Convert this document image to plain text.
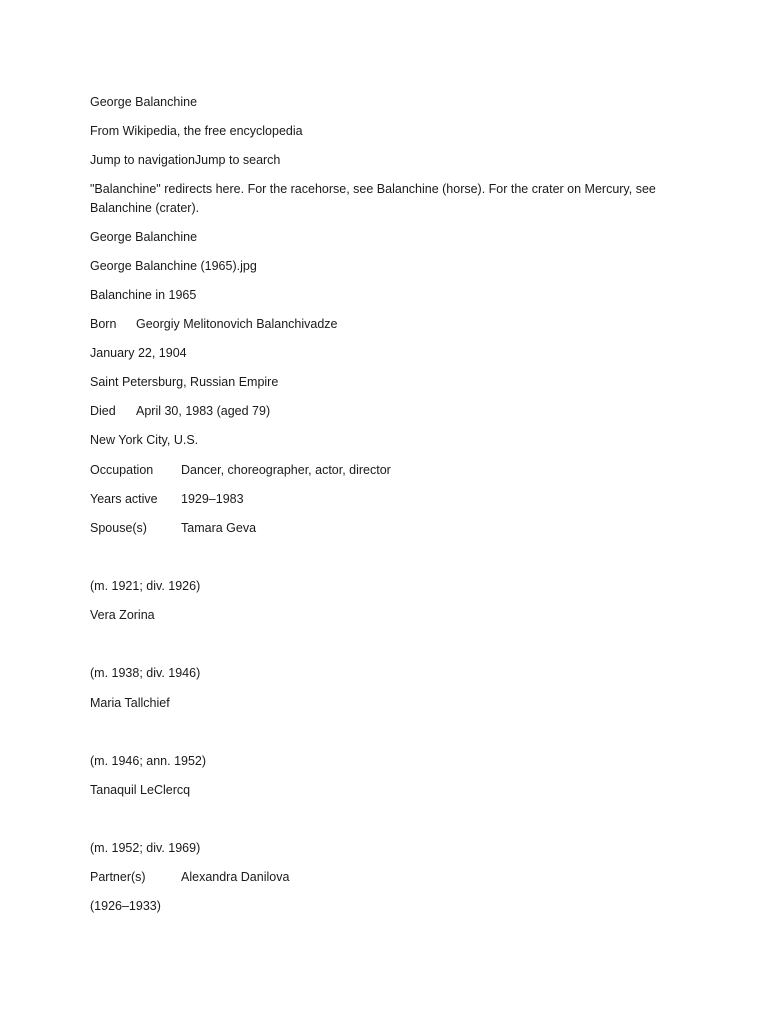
George Balanchine
From Wikipedia, the free encyclopedia
Jump to navigationJump to search
"Balanchine" redirects here. For the racehorse, see Balanchine (horse). For the crater on Mercury, see Balanchine (crater).
George Balanchine
George Balanchine (1965).jpg
Balanchine in 1965
Born Georgiy Melitonovich Balanchivadze
January 22, 1904
Saint Petersburg, Russian Empire
Died April 30, 1983 (aged 79)
New York City, U.S.
Occupation Dancer, choreographer, actor, director
Years active 1929–1983
Spouse(s)	Tamara Geva
(m. 1921; div. 1926)
Vera Zorina
(m. 1938; div. 1946)
Maria Tallchief
(m. 1946; ann. 1952)
Tanaquil LeClercq
(m. 1952; div. 1969)
Partner(s)	Alexandra Danilova
(1926–1933)
